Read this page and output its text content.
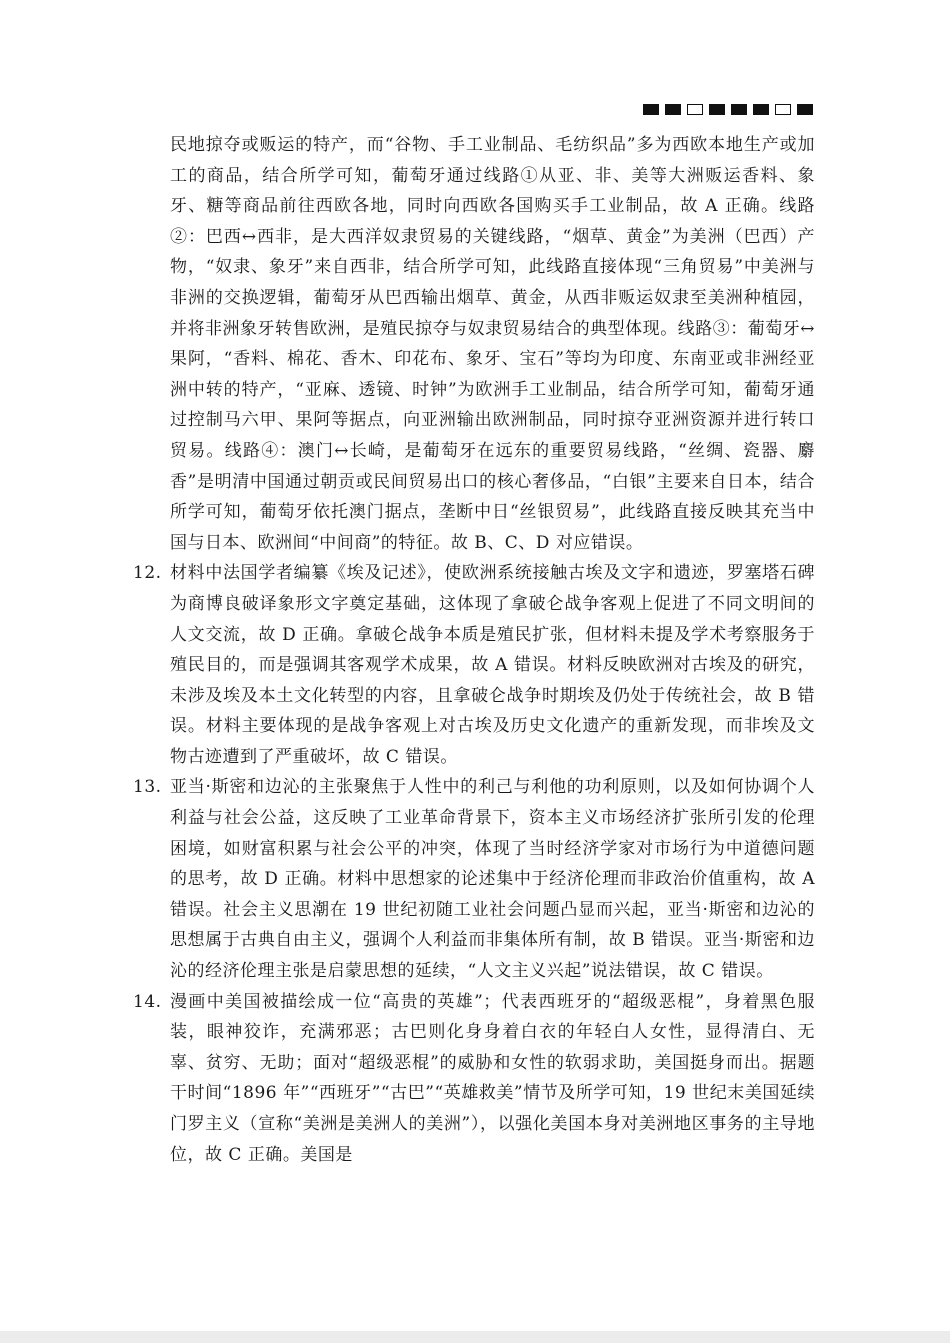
民地掠夺或贩运的特产，而“谷物、手工业制品、毛纺织品”多为西欧本地生产或加工的商品，结合所学可知，葡萄牙通过线路①从亚、非、美等大洲贩运香料、象牙、糖等商品前往西欧各地，同时向西欧各国购买手工业制品，故 A 正确。线路②：巴西↔西非，是大西洋奴隶贸易的关键线路，“烟草、黄金”为美洲（巴西）产物，“奴隶、象牙”来自西非，结合所学可知，此线路直接体现“三角贸易”中美洲与非洲的交换逻辑，葡萄牙从巴西输出烟草、黄金，从西非贩运奴隶至美洲种植园，并将非洲象牙转售欧洲，是殖民掠夺与奴隶贸易结合的典型体现。线路③：葡萄牙↔果阿，“香料、棉花、香木、印花布、象牙、宝石”等均为印度、东南亚或非洲经亚洲中转的特产，“亚麻、透镜、时钟”为欧洲手工业制品，结合所学可知，葡萄牙通过控制马六甲、果阿等据点，向亚洲输出欧洲制品，同时掠夺亚洲资源并进行转口贸易。线路④：澳门↔长崎，是葡萄牙在远东的重要贸易线路，“丝绸、瓷器、麝香”是明清中国通过朝贡或民间贸易出口的核心奢侈品，“白银”主要来自日本，结合所学可知，葡萄牙依托澳门据点，垄断中日“丝银贸易”，此线路直接反映其充当中国与日本、欧洲间“中间商”的特征。故 B、C、D 对应错误。

12. 材料中法国学者编纂《埃及记述》，使欧洲系统接触古埃及文字和遗迹，罗塞塔石碑为商博良破译象形文字奠定基础，这体现了拿破仑战争客观上促进了不同文明间的人文交流，故 D 正确。拿破仑战争本质是殖民扩张，但材料未提及学术考察服务于殖民目的，而是强调其客观学术成果，故 A 错误。材料反映欧洲对古埃及的研究，未涉及埃及本土文化转型的内容，且拿破仑战争时期埃及仍处于传统社会，故 B 错误。材料主要体现的是战争客观上对古埃及历史文化遗产的重新发现，而非埃及文物古迹遭到了严重破坏，故 C 错误。

13. 亚当·斯密和边沁的主张聚焦于人性中的利己与利他的功利原则，以及如何协调个人利益与社会公益，这反映了工业革命背景下，资本主义市场经济扩张所引发的伦理困境，如财富积累与社会公平的冲突，体现了当时经济学家对市场行为中道德问题的思考，故 D 正确。材料中思想家的论述集中于经济伦理而非政治价值重构，故 A 错误。社会主义思潮在 19 世纪初随工业社会问题凸显而兴起，亚当·斯密和边沁的思想属于古典自由主义，强调个人利益而非集体所有制，故 B 错误。亚当·斯密和边沁的经济伦理主张是启蒙思想的延续，“人文主义兴起”说法错误，故 C 错误。

14. 漫画中美国被描绘成一位“高贵的英雄”；代表西班牙的“超级恶棍”，身着黑色服装，眼神狡诈，充满邪恶；古巴则化身身着白衣的年轻白人女性，显得清白、无辜、贫穷、无助；面对“超级恶棍”的威胁和女性的软弱求助，美国挺身而出。据题干时间“1896 年”“西班牙”“古巴”“英雄救美”情节及所学可知，19 世纪末美国延续门罗主义（宣称“美洲是美洲人的美洲”），以强化美国本身对美洲地区事务的主导地位，故 C 正确。美国是
